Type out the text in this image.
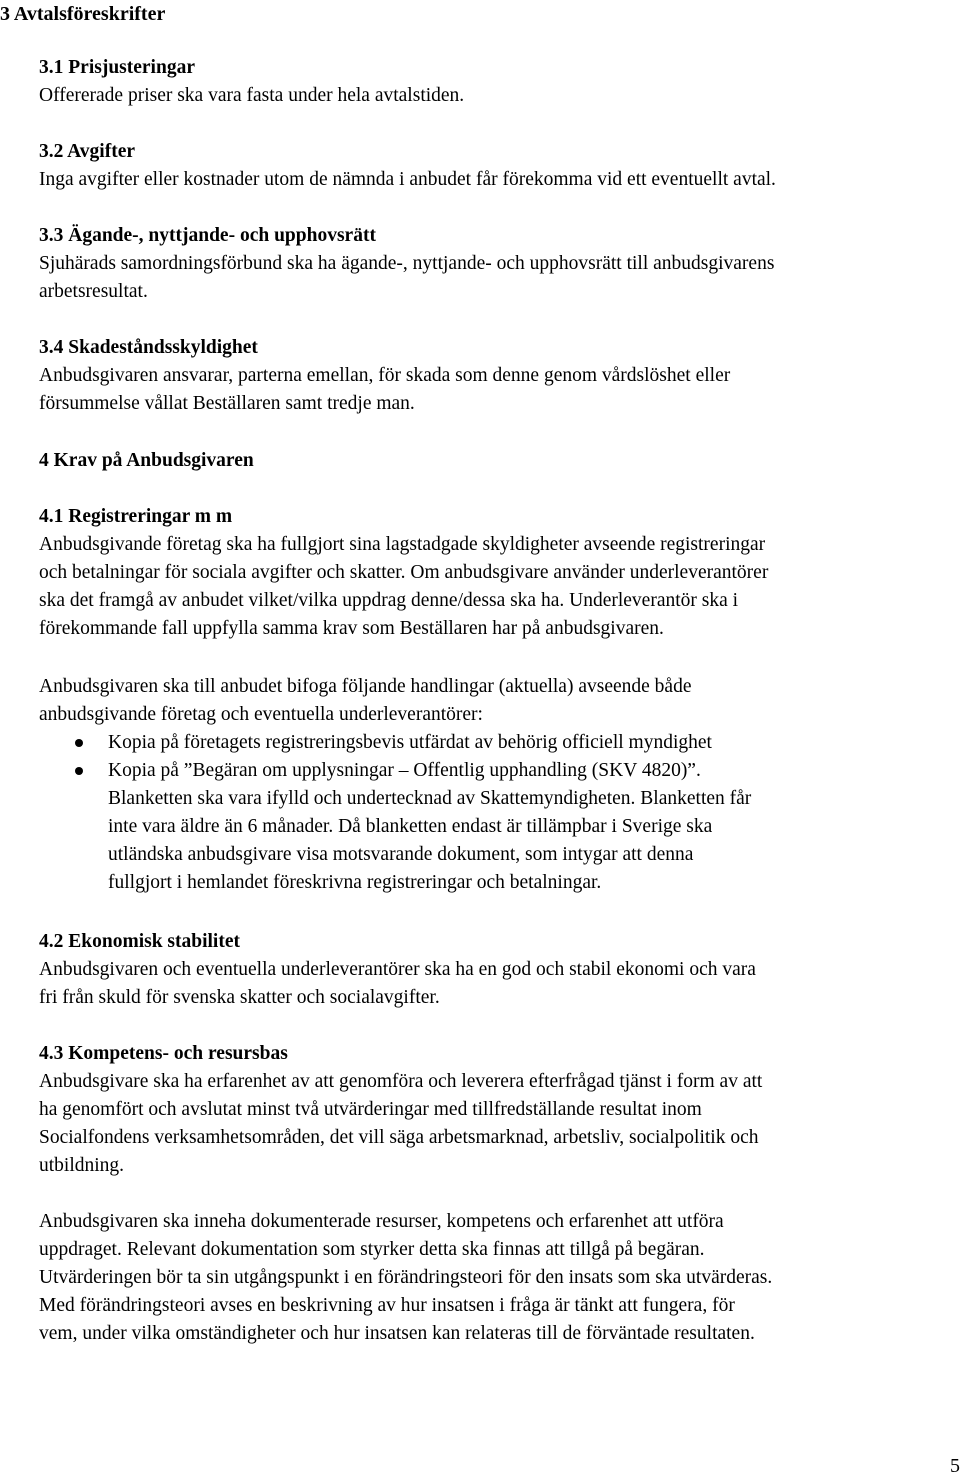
3 Avtalsföreskrifter
3.1 Prisjusteringar
Offererade priser ska vara fasta under hela avtalstiden.
3.2 Avgifter
Inga avgifter eller kostnader utom de nämnda i anbudet får förekomma vid ett eventuellt avtal.
3.3 Ägande-, nyttjande- och upphovsrätt
Sjuhärads samordningsförbund ska ha ägande-, nyttjande- och upphovsrätt till anbudsgivarens
arbetsresultat.
3.4 Skadeståndsskyldighet
Anbudsgivaren ansvarar, parterna emellan, för skada som denne genom vårdslöshet eller
försummelse vållat Beställaren samt tredje man.
4 Krav på Anbudsgivaren
4.1 Registreringar m m
Anbudsgivande företag ska ha fullgjort sina lagstadgade skyldigheter avseende registreringar
och betalningar för sociala avgifter och skatter. Om anbudsgivare använder underleverantörer
ska det framgå av anbudet vilket/vilka uppdrag denne/dessa ska ha. Underleverantör ska i
förekommande fall uppfylla samma krav som Beställaren har på anbudsgivaren.
Anbudsgivaren ska till anbudet bifoga följande handlingar (aktuella) avseende både
anbudsgivande företag och eventuella underleverantörer:
Kopia på företagets registreringsbevis utfärdat av behörig officiell myndighet
Kopia på ”Begäran om upplysningar – Offentlig upphandling (SKV 4820)”.
Blanketten ska vara ifylld och undertecknad av Skattemyndigheten. Blanketten får
inte vara äldre än 6 månader. Då blanketten endast är tillämpbar i Sverige ska
utländska anbudsgivare visa motsvarande dokument, som intygar att denna
fullgjort i hemlandet föreskrivna registreringar och betalningar.
4.2 Ekonomisk stabilitet
Anbudsgivaren och eventuella underleverantörer ska ha en god och stabil ekonomi och vara
fri från skuld för svenska skatter och socialavgifter.
4.3 Kompetens- och resursbas
Anbudsgivare ska ha erfarenhet av att genomföra och leverera efterfrågad tjänst i form av att
ha genomfört och avslutat minst två utvärderingar med tillfredställande resultat inom
Socialfondens verksamhetsområden, det vill säga arbetsmarknad, arbetsliv, socialpolitik och
utbildning.
Anbudsgivaren ska inneha dokumenterade resurser, kompetens och erfarenhet att utföra
uppdraget. Relevant dokumentation som styrker detta ska finnas att tillgå på begäran.
Utvärderingen bör ta sin utgångspunkt i en förändringsteori för den insats som ska utvärderas.
Med förändringsteori avses en beskrivning av hur insatsen i fråga är tänkt att fungera, för
vem, under vilka omständigheter och hur insatsen kan relateras till de förväntade resultaten.
5
